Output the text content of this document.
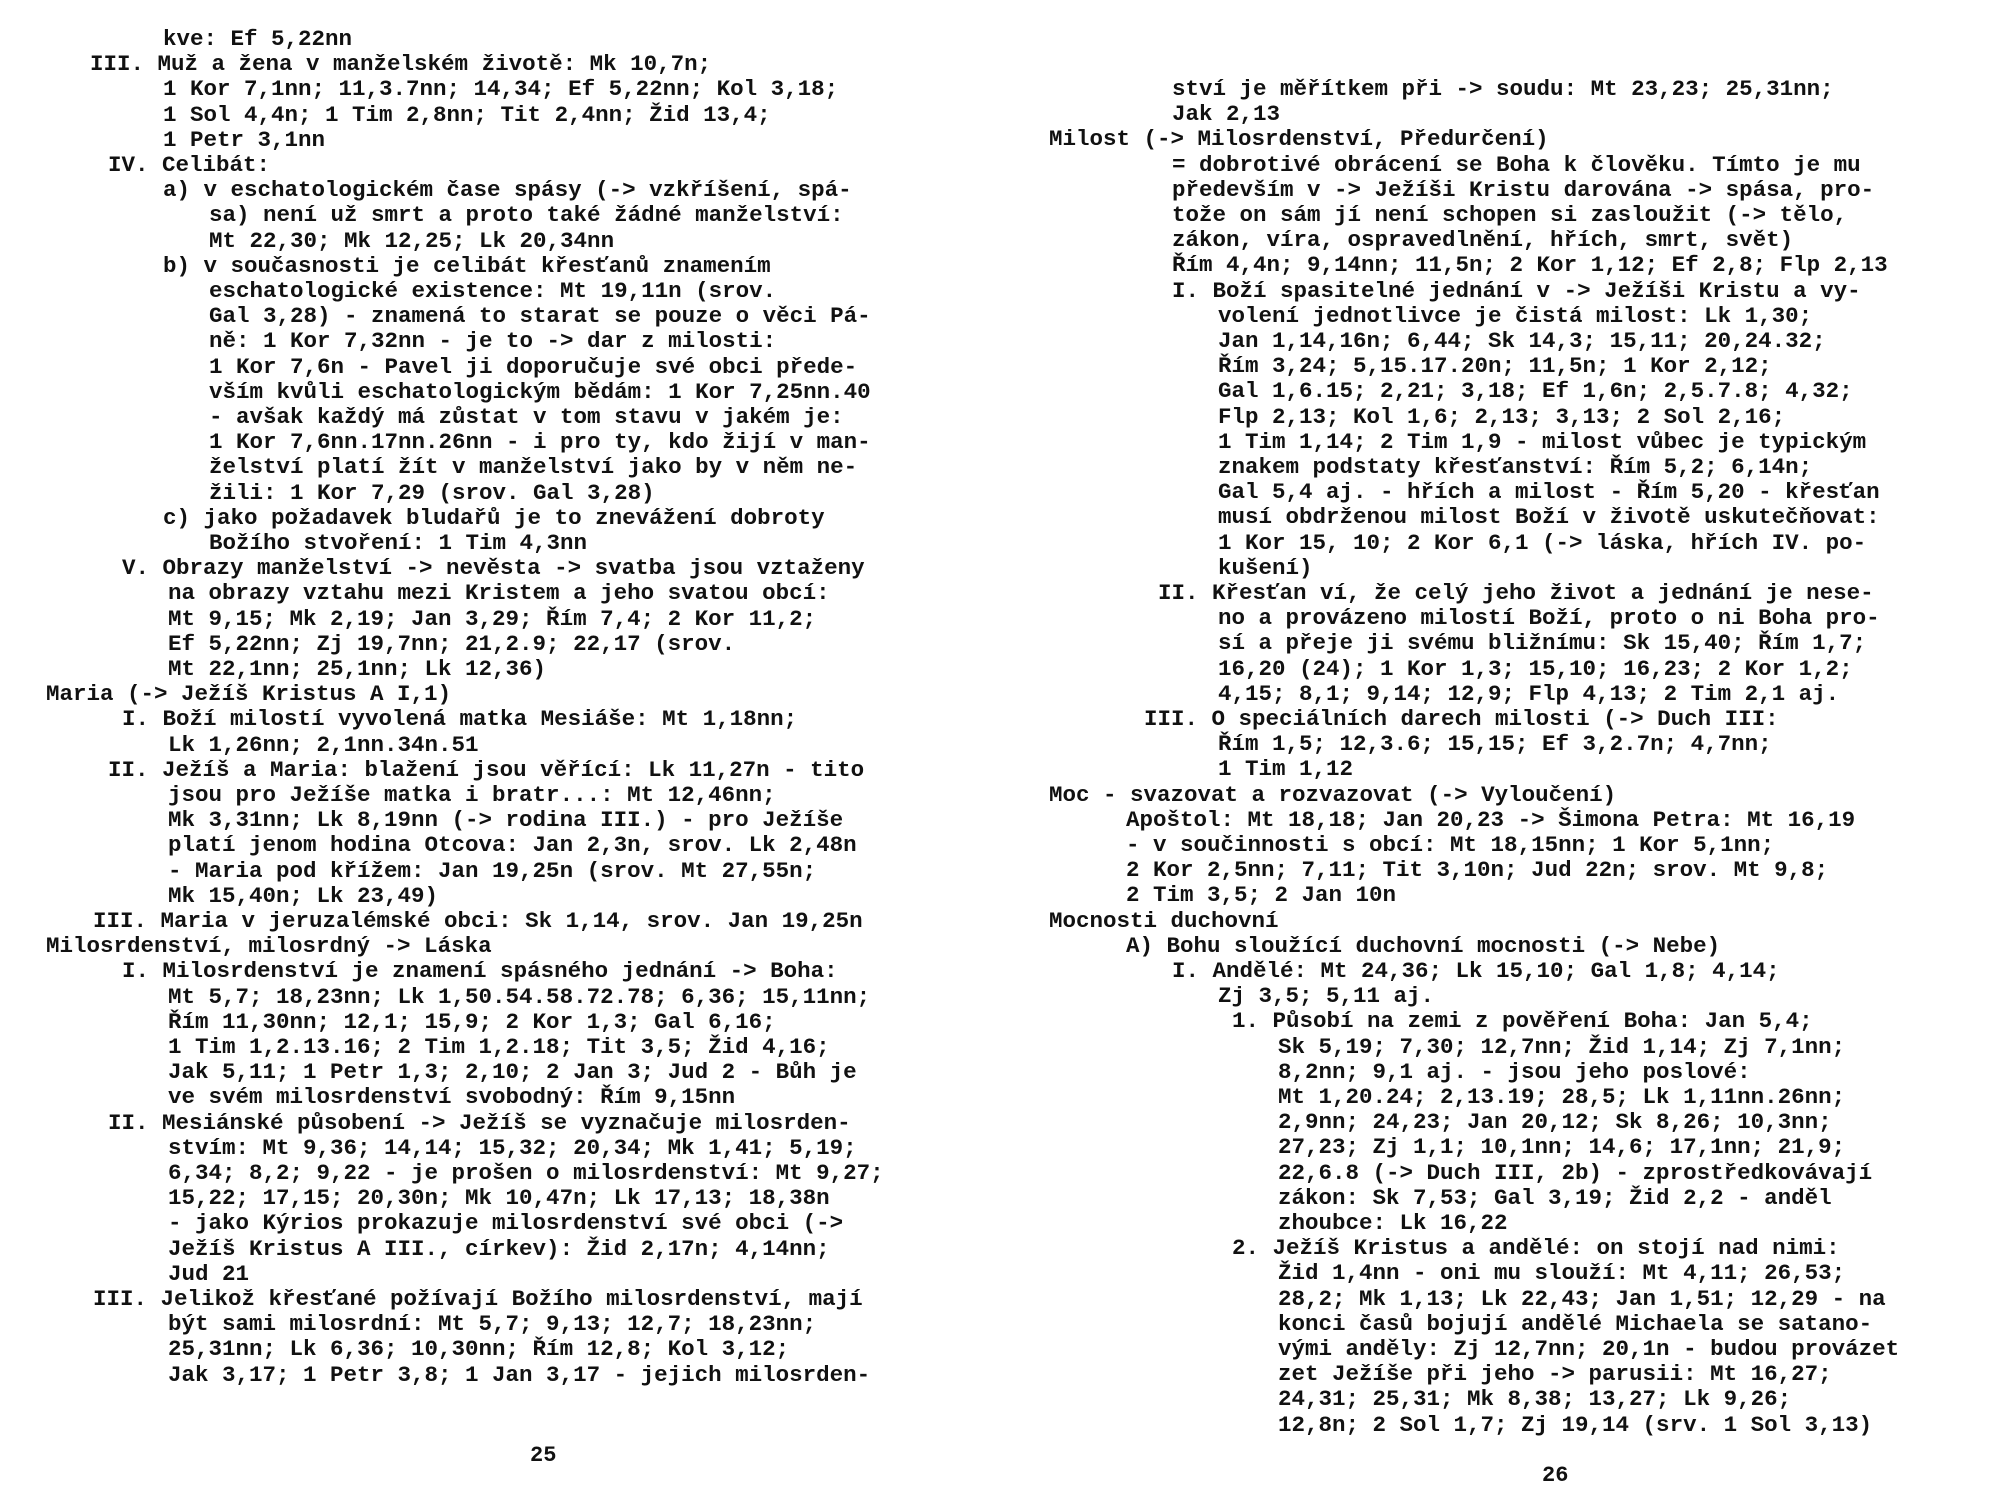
kve: Ef 5,22nn
III. Muž a žena v manželském životě: Mk 10,7n;
1 Kor 7,1nn; 11,3.7nn; 14,34; Ef 5,22nn; Kol 3,18;
1 Sol 4,4n; 1 Tim 2,8nn; Tit 2,4nn; Žid 13,4;
1 Petr 3,1nn
IV. Celibát:
a) v eschatologickém čase spásy (-> vzkříšení, spá-
sa) není už smrt a proto také žádné manželství:
Mt 22,30; Mk 12,25; Lk 20,34nn
b) v současnosti je celibát křesťanů znamením
eschatologické existence: Mt 19,11n (srov.
Gal 3,28) - znamená to starat se pouze o věci Pá-
ně: 1 Kor 7,32nn - je to -> dar z milosti:
1 Kor 7,6n - Pavel ji doporučuje své obci přede-
vším kvůli eschatologickým bědám: 1 Kor 7,25nn.40
- avšak každý má zůstat v tom stavu v jakém je:
1 Kor 7,6nn.17nn.26nn - i pro ty, kdo žijí v man-
želství platí žít v manželství jako by v něm ne-
žili: 1 Kor 7,29 (srov. Gal 3,28)
c) jako požadavek bludařů je to znevážení dobroty
Božího stvoření: 1 Tim 4,3nn
V. Obrazy manželství -> nevěsta -> svatba jsou vztaženy
na obrazy vztahu mezi Kristem a jeho svatou obcí:
Mt 9,15; Mk 2,19; Jan 3,29; Řím 7,4; 2 Kor 11,2;
Ef 5,22nn; Zj 19,7nn; 21,2.9; 22,17 (srov.
Mt 22,1nn; 25,1nn; Lk 12,36)
Maria (-> Ježíš Kristus A I,1)
I. Boží milostí vyvolená matka Mesiáše: Mt 1,18nn;
Lk 1,26nn; 2,1nn.34n.51
II. Ježíš a Maria: blažení jsou věřící: Lk 11,27n - tito
jsou pro Ježíše matka i bratr...: Mt 12,46nn;
Mk 3,31nn; Lk 8,19nn (-> rodina III.) - pro Ježíše
platí jenom hodina Otcova: Jan 2,3n, srov. Lk 2,48n
- Maria pod křížem: Jan 19,25n (srov. Mt 27,55n;
Mk 15,40n; Lk 23,49)
III. Maria v jeruzalémské obci: Sk 1,14, srov. Jan 19,25n
Milosrdenství, milosrdný -> Láska
I. Milosrdenství je znamení spásného jednání -> Boha:
Mt 5,7; 18,23nn; Lk 1,50.54.58.72.78; 6,36; 15,11nn;
Řím 11,30nn; 12,1; 15,9; 2 Kor 1,3; Gal 6,16;
1 Tim 1,2.13.16; 2 Tim 1,2.18; Tit 3,5; Žid 4,16;
Jak 5,11; 1 Petr 1,3; 2,10; 2 Jan 3; Jud 2 - Bůh je
ve svém milosrdenství svobodný: Řím 9,15nn
II. Mesiánské působení -> Ježíš se vyznačuje milosrden-
stvím: Mt 9,36; 14,14; 15,32; 20,34; Mk 1,41; 5,19;
6,34; 8,2; 9,22 - je prošen o milosrdenství: Mt 9,27;
15,22; 17,15; 20,30n; Mk 10,47n; Lk 17,13; 18,38n
- jako Kýrios prokazuje milosrdenství své obci (->
Ježíš Kristus A III., církev): Žid 2,17n; 4,14nn;
Jud 21
III. Jelikož křesťané požívají Božího milosrdenství, mají
být sami milosrdní: Mt 5,7; 9,13; 12,7; 18,23nn;
25,31nn; Lk 6,36; 10,30nn; Řím 12,8; Kol 3,12;
Jak 3,17; 1 Petr 3,8; 1 Jan 3,17 - jejich milosrden-
25
ství je měřítkem při -> soudu: Mt 23,23; 25,31nn;
Jak 2,13
Milost (-> Milosrdenství, Předurčení)
= dobrotivé obrácení se Boha k člověku. Tímto je mu
především v -> Ježíši Kristu darována -> spása, pro-
tože on sám jí není schopen si zasloužit (-> tělo,
zákon, víra, ospravedlnění, hřích, smrt, svět)
Řím 4,4n; 9,14nn; 11,5n; 2 Kor 1,12; Ef 2,8; Flp 2,13
I. Boží spasitelné jednání v -> Ježíši Kristu a vy-
volení jednotlivce je čistá milost: Lk 1,30;
Jan 1,14,16n; 6,44; Sk 14,3; 15,11; 20,24.32;
Řím 3,24; 5,15.17.20n; 11,5n; 1 Kor 2,12;
Gal 1,6.15; 2,21; 3,18; Ef 1,6n; 2,5.7.8; 4,32;
Flp 2,13; Kol 1,6; 2,13; 3,13; 2 Sol 2,16;
1 Tim 1,14; 2 Tim 1,9 - milost vůbec je typickým
znakem podstaty křesťanství: Řím 5,2; 6,14n;
Gal 5,4 aj. - hřích a milost - Řím 5,20 - křesťan
musí obdrženou milost Boží v životě uskutečňovat:
1 Kor 15, 10; 2 Kor 6,1 (-> láska, hřích IV. po-
kušení)
II. Křesťan ví, že celý jeho život a jednání je nese-
no a provázeno milostí Boží, proto o ni Boha pro-
sí a přeje ji svému bližnímu: Sk 15,40; Řím 1,7;
16,20 (24); 1 Kor 1,3; 15,10; 16,23; 2 Kor 1,2;
4,15; 8,1; 9,14; 12,9; Flp 4,13; 2 Tim 2,1 aj.
III. O speciálních darech milosti (-> Duch III:
Řím 1,5; 12,3.6; 15,15; Ef 3,2.7n; 4,7nn;
1 Tim 1,12
Moc - svazovat a rozvazovat (-> Vyloučení)
Apoštol: Mt 18,18; Jan 20,23 -> Šimona Petra: Mt 16,19
- v součinnosti s obcí: Mt 18,15nn; 1 Kor 5,1nn;
2 Kor 2,5nn; 7,11; Tit 3,10n; Jud 22n; srov. Mt 9,8;
2 Tim 3,5; 2 Jan 10n
Mocnosti duchovní
A) Bohu sloužící duchovní mocnosti (-> Nebe)
I. Andělé: Mt 24,36; Lk 15,10; Gal 1,8; 4,14;
Zj 3,5; 5,11 aj.
1. Působí na zemi z pověření Boha: Jan 5,4;
Sk 5,19; 7,30; 12,7nn; Žid 1,14; Zj 7,1nn;
8,2nn; 9,1 aj. - jsou jeho poslové:
Mt 1,20.24; 2,13.19; 28,5; Lk 1,11nn.26nn;
2,9nn; 24,23; Jan 20,12; Sk 8,26; 10,3nn;
27,23; Zj 1,1; 10,1nn; 14,6; 17,1nn; 21,9;
22,6.8 (-> Duch III, 2b) - zprostředkovávají
zákon: Sk 7,53; Gal 3,19; Žid 2,2 - anděl
zhoubce: Lk 16,22
2. Ježíš Kristus a andělé: on stojí nad nimi:
Žid 1,4nn - oni mu slouží: Mt 4,11; 26,53;
28,2; Mk 1,13; Lk 22,43; Jan 1,51; 12,29 - na
konci časů bojují andělé Michaela se satano-
vými anděly: Zj 12,7nn; 20,1n - budou provázet
zet Ježíše při jeho -> parusii: Mt 16,27;
24,31; 25,31; Mk 8,38; 13,27; Lk 9,26;
12,8n; 2 Sol 1,7; Zj 19,14 (srv. 1 Sol 3,13)
26
